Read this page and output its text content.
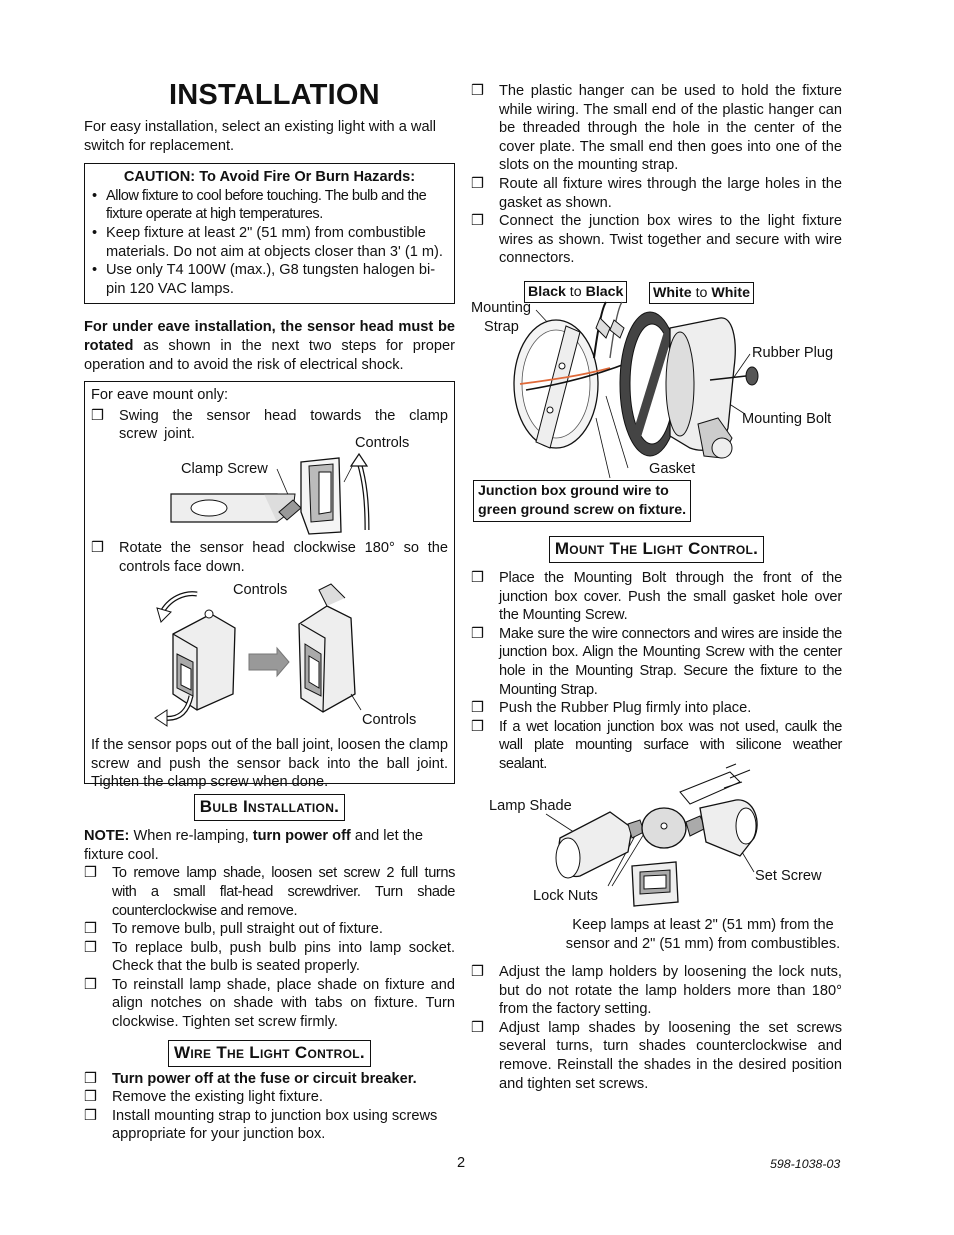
INSTALLATION

For easy installation, select an existing light with a wall switch for replacement.

CAUTION: To Avoid Fire Or Burn Hazards:
• Allow fixture to cool before touching. The bulb and the fixture operate at high temperatures.
• Keep fixture at least 2" (51 mm) from combustible materials. Do not aim at objects closer than 3' (1 m).
• Use only T4 100W (max.), G8 tungsten halogen bi-pin 120 VAC lamps.

For under eave installation, the sensor head must be rotated as shown in the next two steps for proper operation and to avoid the risk of electrical shock.

For eave mount only:
❒ Swing the sensor head towards the clamp screw joint.
Controls
Clamp Screw
❒ Rotate the sensor head clockwise 180° so the controls face down.
Controls
Controls

If the sensor pops out of the ball joint, loosen the clamp screw and push the sensor back into the ball joint. Tighten the clamp screw when done.

Bulb Installation.

NOTE: When re-lamping, turn power off and let the fixture cool.

❒ To remove lamp shade, loosen set screw 2 full turns with a small flat-head screwdriver. Turn shade counterclockwise and remove.
❒ To remove bulb, pull straight out of fixture.
❒ To replace bulb, push bulb pins into lamp socket. Check that the bulb is seated properly.
❒ To reinstall lamp shade, place shade on fixture and align notches on shade with tabs on fixture. Turn clockwise. Tighten set screw firmly.
Wire The Light Control.
❒ Turn power off at the fuse or circuit breaker.
❒ Remove the existing light fixture.
❒ Install mounting strap to junction box using screws appropriate for your junction box.
❒ The plastic hanger can be used to hold the fixture while wiring. The small end of the plastic hanger can be threaded through the hole in the center of the cover plate. The small end then goes into one of the slots on the mounting strap.
❒ Route all fixture wires through the large holes in the gasket as shown.
❒ Connect the junction box wires to the light fixture wires as shown. Twist together and secure with wire connectors.
Black to Black White to White
Mounting
Strap
Rubber Plug
Mounting Bolt
Gasket
Junction box ground wire to
green ground screw on fixture.
Mount The Light Control.
❒ Place the Mounting Bolt through the front of the junction box cover. Push the small gasket hole over the Mounting Screw.
❒ Make sure the wire connectors and wires are inside the junction box. Align the Mounting Screw with the center hole in the Mounting Strap. Secure the fixture to the Mounting Strap.
❒ Push the Rubber Plug firmly into place.
❒ If a wet location junction box was not used, caulk the wall plate mounting surface with silicone weather sealant.
Lamp Shade
Set Screw
Lock Nuts
Keep lamps at least 2" (51 mm) from the
sensor and 2" (51 mm) from combustibles.
❒ Adjust the lamp holders by loosening the lock nuts, but do not rotate the lamp holders more than 180° from the factory setting.
❒ Adjust lamp shades by loosening the set screws several turns, turn shades counterclockwise and remove. Reinstall the shades in the desired position and tighten set screws.
2	598-1038-03
